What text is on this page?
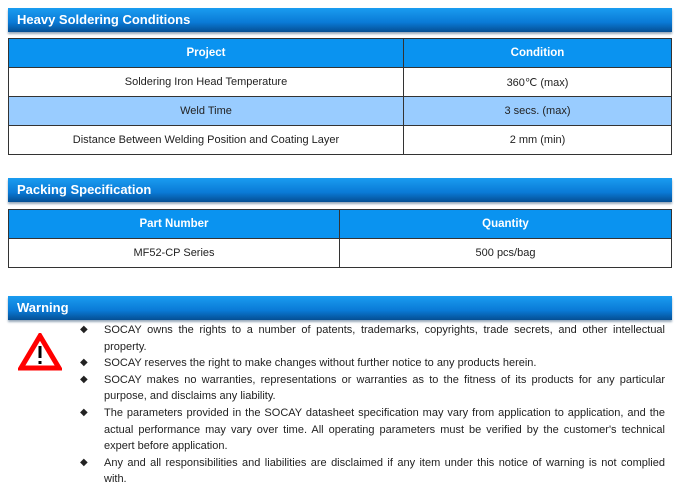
Heavy Soldering Conditions
Project	Condition
Soldering Iron Head Temperature	360℃ (max)
Weld Time	3 secs. (max)
Distance Between Welding Position and Coating Layer	2 mm (min)
Packing Specification
Part Number	Quantity
MF52-CP Series	500 pcs/bag
Warning
◆ SOCAY owns the rights to a number of patents, trademarks, copyrights, trade secrets, and other intellectual property.
◆ SOCAY reserves the right to make changes without further notice to any products herein.
◆ SOCAY makes no warranties, representations or warranties as to the fitness of its products for any particular purpose, and disclaims any liability.
◆ The parameters provided in the SOCAY datasheet specification may vary from application to application, and the actual performance may vary over time. All operating parameters must be verified by the customer's technical expert before application.
◆ Any and all responsibilities and liabilities are disclaimed if any item under this notice of warning is not complied with.
